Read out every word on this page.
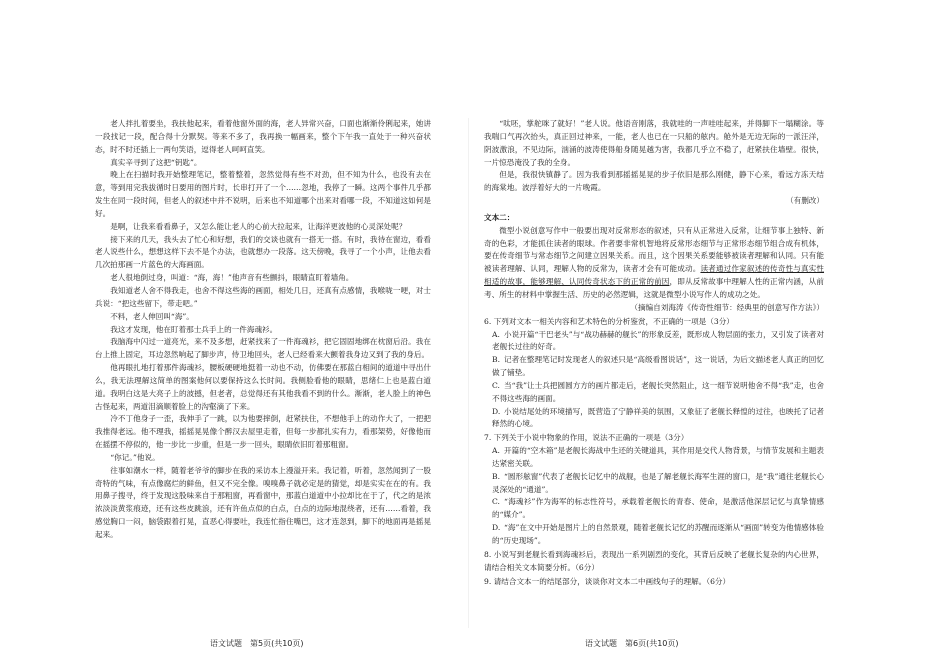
老人拌扎着要坐，我扶他起来，看着他窗外面的海，老人异常兴奋，口面也渐渐伶俐起来，她讲一段找记一段，配合得十分默契。等来不多了，我再换一幅画来，整个下午我一直处于一种兴奋状态，时不时还插上一两句笑语，逗得老人呵呵直笑。

真实辛寻到了这把“钥匙”。

晚上在扫描时我开始整理笔记，整着整着，忽然觉得有些不对劲，但不知为什么，也没有去在意，等到用完我拔循时日要用的图片时，长串打开了一个……忽地，我停了一瞬。这两个事件几乎都发生在同一段时间，但老人的叙述中并不说明，后来也不知道哪个出来对看哪一段，不知道这如何是好。

是啊，让我来看看鼻子，又怎么能让老人的心前大拉起来，让海洋更波他的心灵深处呢？

接下来的几天，我头去了忙心和好想，我们的交谈也就有一搭无一搭。有时，我待在窗边，看看老人说些什么，想想这样下去不是个办法，也就想办一段落。这天傍晚，我寻了一个小声，让他去看几次拍那画一片蓝色的大海画面。

老人很地倒过身，叫道：“海，海！”他声音有些颤抖，眼睛直盯着墙角。

我知道老人舍不得我走，也舍不得这些海的画面，相处几日，还真有点感情，我喉咙一哽，对士兵说：“把这些留下，带走吧。”

不料，老人伸回叫“海”。

我这才发现，他在盯着那士兵手上的一件海魂衫。

我脑海中闪过一道亮光，来不及多想，赶紧找来了一件海魂衫，把它固固地绑在枕窗后沿。我在台上推上固定，耳边忽然响起了脚步声，侍卫地回头，老人已经看来大颤着我身边又到了我的身后。

他再眼扎地打着那件海魂衫，腰板硬硬地挺着一动也不动，仿佛要在那蓝白相间的道道中寻出什么，我无法理解这简单的图案他何以要保持这么长时间。我侧脸看他的眼睛，思绪仁上也是蓝白道道。我明白这是大亮子上的波撼，但老者，总觉得还有其他我看不到的什么。渐渐，老人脸上的神色古怪起来，两道泪滴顺着脸上的沟壑滴了下来。

冷不丁他身子一歪，我伸手了一跳，以为他要摔倒，赶紧扶住，不想他手上的动作大了，一把把我推得老远。他不理我，摇摇晃晃像个醉汉去屋里走着，但每一步都扎实有力，看那架势，好像他而在摇摆不停似的，他一步比一步重，但是一步一回头，眼睛依旧盯着那粗窗。

“你记。”他说。

往事如潮水一样，随着老爷爷的脚步在我的采访本上漫溢开来。我记着，听着，忽然闻到了一股奇特的气味，有点像腐烂的鲜鱼，但又不完全像。嗅嗅鼻子就必定是的猜觉，却是实实在在的有。我用鼻子搜寻，终于发现这股味来自于那粗窗，再看窗中，那蓝白道道中小拉却比在于了，代之的是浓浓淡淡黄浆痕迹，还有这些皮跳浪，还有许鱼点似的白点，白点的边际地混绕者，还有……看着，我感觉胸口一闷，脑袋跟着打晃，直恶心得要吐，我连忙指住嘴巴，这才连忽到，脚下的地面再是摇晃起来。

“呔呸，掌舵咪了就好！”老人说。他语音刚落，我就哇的一声哇哇起来，并得脚下一塌糊涂。等我喘口气再次抬头，真正回过神来，一能，老人也已在一只船的舷内。舱外是无边无际的一派汪洋，阴波激浪，不见边际，汹涌的波涛使得船身随晃越为害，我都几乎立不稳了，赶紧扶住墙壁。很快，一片惊恐淹没了我的全身。

但是，我很快镇静了。因为我看到那摇摇晃晃的步子依旧是那么刚健，静下心来，看远方冻天结的海棠地。波浮着好大的一片晚霞。

（有删改）

文本二：

微型小说创意写作中一般要出现对反常形态的叙述，只有从正常进入反常，让细节事上独特、新奇的色彩，才能抓住读者的眼球。作者要非常机智地将反常形态细节与正常形态细节组合成有机体，要在传奇细节与常态细节之间建立因果关系。而且，这个因果关系要能够被读者理解和认同。只有能被读者理解、认同，理解人物的反常为，读者才会有可能成动。读者通过作家叙述的传奇性与真实性相适的故事，能够理解、认同传奇状态下的正常的前因，即从反常故事中理解人性的正常内涵，从前考、所生的材料中掌握生活、历史的必然逻辑，这就是微型小说写作人的成功之处。

（摘编自刘海涛《传奇性细节：经典里的创意写作方法》）

6. 下列对文本一相关内容和艺术特色的分析鉴赏，不正确的一项是（3分）

A. 小说开篇“干巴老头”与“战功赫赫的舰长”的形象反差，既形成人物层面的张力，又引发了读者对老舰长过往的好奇。

B. 记者在整理笔记时发现老人的叙述只是“高级看图说话”，这一说话，为后文描述老人真正的回忆做了铺垫。

C. 当“我”让士兵把圆圆方方的画片都走后，老舰长突然阻止，这一细节说明他舍不得“我”走，也舍不得这些海的画面。

D. 小说结尾处的环境描写，既营造了宁静祥美的氛围，又象征了老舰长释惶的过往，也映托了记者释然的心境。

7. 下列关于小说中物象的作用，说法不正确的一项是（3分）

A. 开篇的“空木箱”是老舰长海战中生还的关键道具，其作用是交代人物背景，与情节发展和主题表达紧密关联。

B. “圆形舷窗”代表了老舰长记忆中的战舰，也是了解老舰长海军生涯的窗口，是“我”通往老舰长心灵深处的“通道”。

C. “海魂衫”作为海军的标志性符号，承载着老舰长的青春、使命，是激活他深层记忆与真挚情感的“媒介”。

D. “海”在文中开始是图片上的自然景观，随着老舰长记忆的苏醒而逐渐从“画面”转变为他情感体验的“历史现场”。

8. 小说写到老舰长看到海魂衫后，表现出一系列剧烈的变化，其背后反映了老舰长复杂的内心世界，请结合相关文本简要分析。（6分）

9. 请结合文本一的结尾部分，谈谈你对文本二中画线句子的理解。（6分）

语文试题　第5页(共10页)	语文试题　第6页(共10页)
